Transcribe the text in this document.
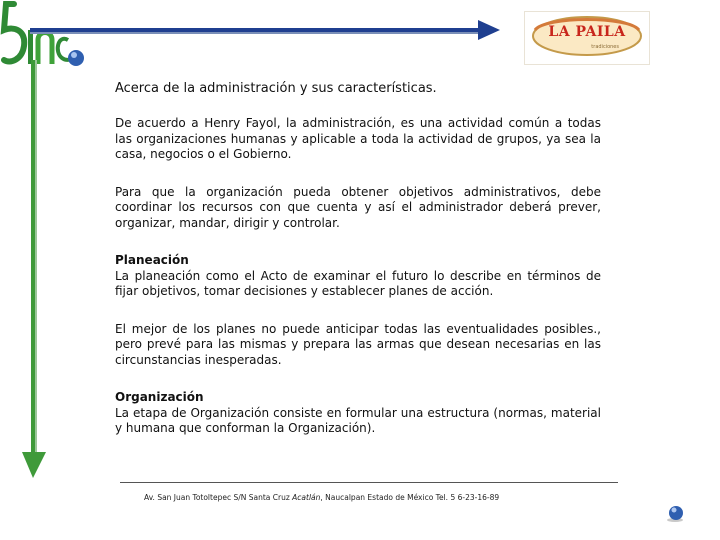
LA PAILA
tradiciones

Acerca de la administración y sus características.

De acuerdo a Henry Fayol, la administración, es una actividad común a todas las organizaciones humanas y aplicable a toda la actividad de grupos, ya sea la casa, negocios o el Gobierno.

Para que la organización pueda obtener objetivos administrativos, debe coordinar los recursos con que cuenta y así el administrador deberá prever, organizar, mandar, dirigir y controlar.

Planeación

La planeación como el Acto de examinar el futuro lo describe en términos de fijar objetivos, tomar decisiones y establecer planes de acción.

El mejor de los planes no puede anticipar todas las eventualidades posibles., pero prevé para las mismas y prepara las armas que desean necesarias en las circunstancias inesperadas.

Organización

La etapa de Organización consiste en formular una estructura (normas, material y humana que conforman la Organización).

Av. San Juan Totoltepec S/N Santa Cruz Acatlán, Naucalpan Estado de México Tel. 5 6-23-16-89
